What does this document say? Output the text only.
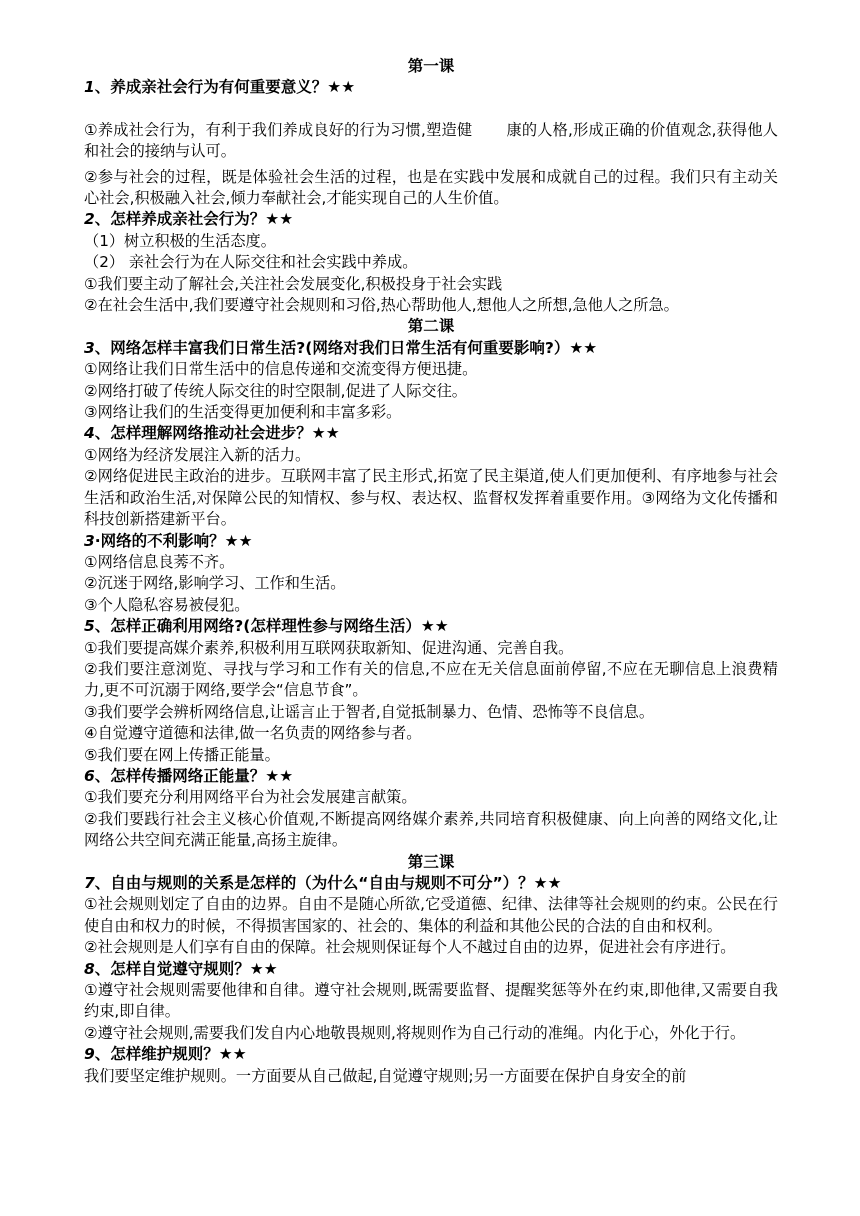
第一课
1、养成亲社会行为有何重要意义？★★
①养成社会行为，有利于我们养成良好的行为习惯,塑造健 康的人格,形成正确的价值观念,获得他人和社会的接纳与认可。
②参与社会的过程，既是体验社会生活的过程，也是在实践中发展和成就自己的过程。我们只有主动关心社会,积极融入社会,倾力奉献社会,才能实现自己的人生价值。
2、怎样养成亲社会行为？★★
（1）树立积极的生活态度。
（2） 亲社会行为在人际交往和社会实践中养成。
①我们要主动了解社会,关注社会发展变化,积极投身于社会实践
②在社会生活中,我们要遵守社会规则和习俗,热心帮助他人,想他人之所想,急他人之所急。
第二课
3、网络怎样丰富我们日常生活?(网络对我们日常生活有何重要影响?）★★
①网络让我们日常生活中的信息传递和交流变得方便迅捷。
②网络打破了传统人际交往的时空限制,促进了人际交往。
③网络让我们的生活变得更加便利和丰富多彩。
4、怎样理解网络推动社会进步？★★
①网络为经济发展注入新的活力。
②网络促进民主政治的进步。互联网丰富了民主形式,拓宽了民主渠道,使人们更加便利、有序地参与社会生活和政治生活,对保障公民的知情权、参与权、表达权、监督权发挥着重要作用。③网络为文化传播和科技创新搭建新平台。
3·网络的不利影响？★★
①网络信息良莠不齐。
②沉迷于网络,影响学习、工作和生活。
③个人隐私容易被侵犯。
5、怎样正确利用网络?(怎样理性参与网络生活）★★
①我们要提高媒介素养,积极利用互联网获取新知、促进沟通、完善自我。
②我们要注意浏览、寻找与学习和工作有关的信息,不应在无关信息面前停留,不应在无聊信息上浪费精力,更不可沉溺于网络,要学会“信息节食”。
③我们要学会辨析网络信息,让谣言止于智者,自觉抵制暴力、色情、恐怖等不良信息。
④自觉遵守道德和法律,做一名负责的网络参与者。
⑤我们要在网上传播正能量。
6、怎样传播网络正能量？★★
①我们要充分利用网络平台为社会发展建言献策。
②我们要践行社会主义核心价值观,不断提高网络媒介素养,共同培育积极健康、向上向善的网络文化,让网络公共空间充满正能量,高扬主旋律。
第三课
7、自由与规则的关系是怎样的（为什么“自由与规则不可分”）？★★
①社会规则划定了自由的边界。自由不是随心所欲,它受道德、纪律、法律等社会规则的约束。公民在行使自由和权力的时候，不得损害国家的、社会的、集体的利益和其他公民的合法的自由和权利。
②社会规则是人们享有自由的保障。社会规则保证每个人不越过自由的边界，促进社会有序进行。
8、怎样自觉遵守规则？★★
①遵守社会规则需要他律和自律。遵守社会规则,既需要监督、提醒奖惩等外在约束,即他律,又需要自我约束,即自律。
②遵守社会规则,需要我们发自内心地敬畏规则,将规则作为自己行动的准绳。内化于心，外化于行。
9、怎样维护规则？★★
我们要坚定维护规则。一方面要从自己做起,自觉遵守规则;另一方面要在保护自身安全的前
